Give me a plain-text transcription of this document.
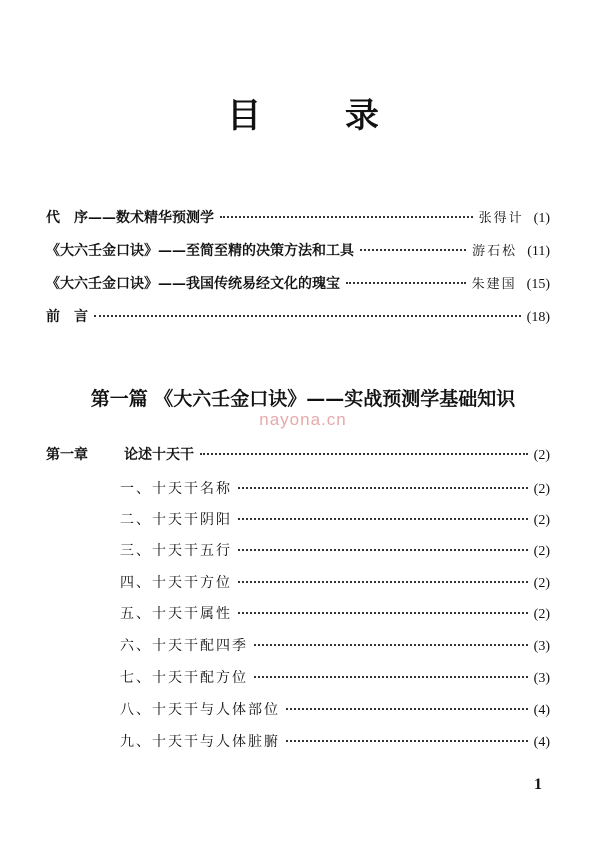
目 录
代　序——数术精华预测学	张得计 (1)
《大六壬金口诀》——至简至精的决策方法和工具	游石松 (11)
《大六壬金口诀》——我国传统易经文化的瑰宝	朱建国 (15)
前　言	(18)
第一篇 《大六壬金口诀》——实战预测学基础知识
nayona.cn
第一章	论述十天干	(2)
一、十天干名称	(2)
二、十天干阴阳	(2)
三、十天干五行	(2)
四、十天干方位	(2)
五、十天干属性	(2)
六、十天干配四季	(3)
七、十天干配方位	(3)
八、十天干与人体部位	(4)
九、十天干与人体脏腑	(4)
1
